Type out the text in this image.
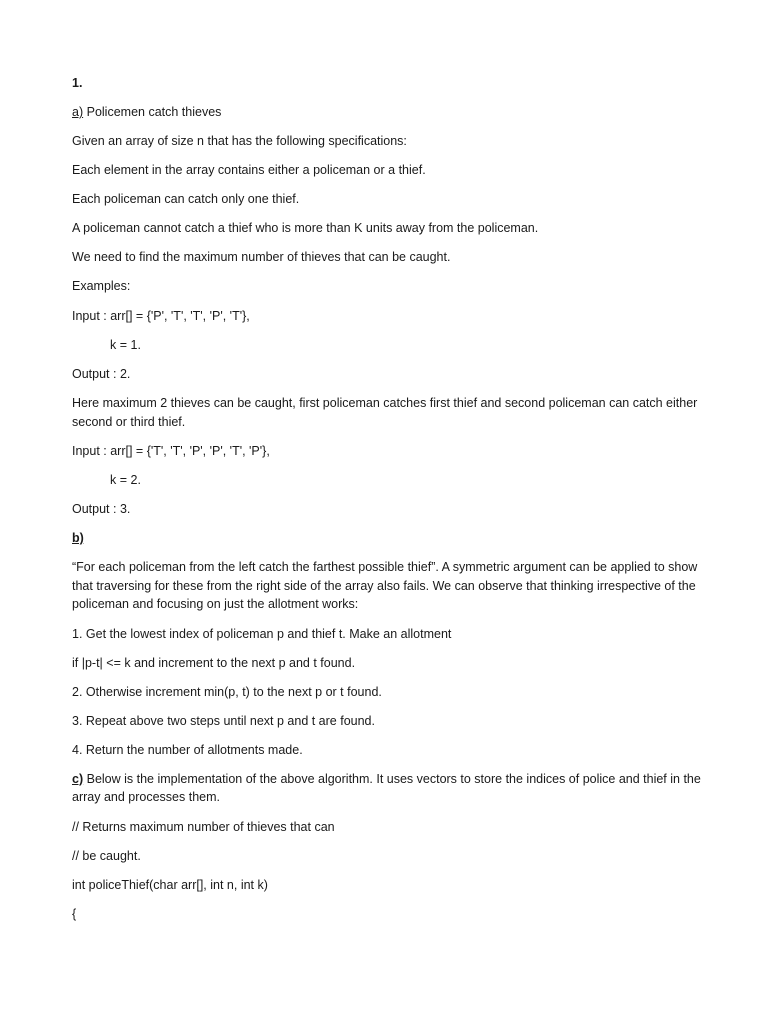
1.

a) Policemen catch thieves

Given an array of size n that has the following specifications:

Each element in the array contains either a policeman or a thief.

Each policeman can catch only one thief.

A policeman cannot catch a thief who is more than K units away from the policeman.

We need to find the maximum number of thieves that can be caught.

Examples:

Input : arr[] = {'P', 'T', 'T', 'P', 'T'},

k = 1.

Output : 2.

Here maximum 2 thieves can be caught, first policeman catches first thief and second policeman can catch either second or third thief.

Input : arr[] = {'T', 'T', 'P', 'P', 'T', 'P'},

k = 2.

Output : 3.

b)

“For each policeman from the left catch the farthest possible thief”. A symmetric argument can be applied to show that traversing for these from the right side of the array also fails. We can observe that thinking irrespective of the policeman and focusing on just the allotment works:

1. Get the lowest index of policeman p and thief t. Make an allotment

if |p-t| <= k and increment to the next p and t found.

2. Otherwise increment min(p, t) to the next p or t found.

3. Repeat above two steps until next p and t are found.

4. Return the number of allotments made.

c) Below is the implementation of the above algorithm. It uses vectors to store the indices of police and thief in the array and processes them.

// Returns maximum number of thieves that can

// be caught.

int policeThief(char arr[], int n, int k)

{
